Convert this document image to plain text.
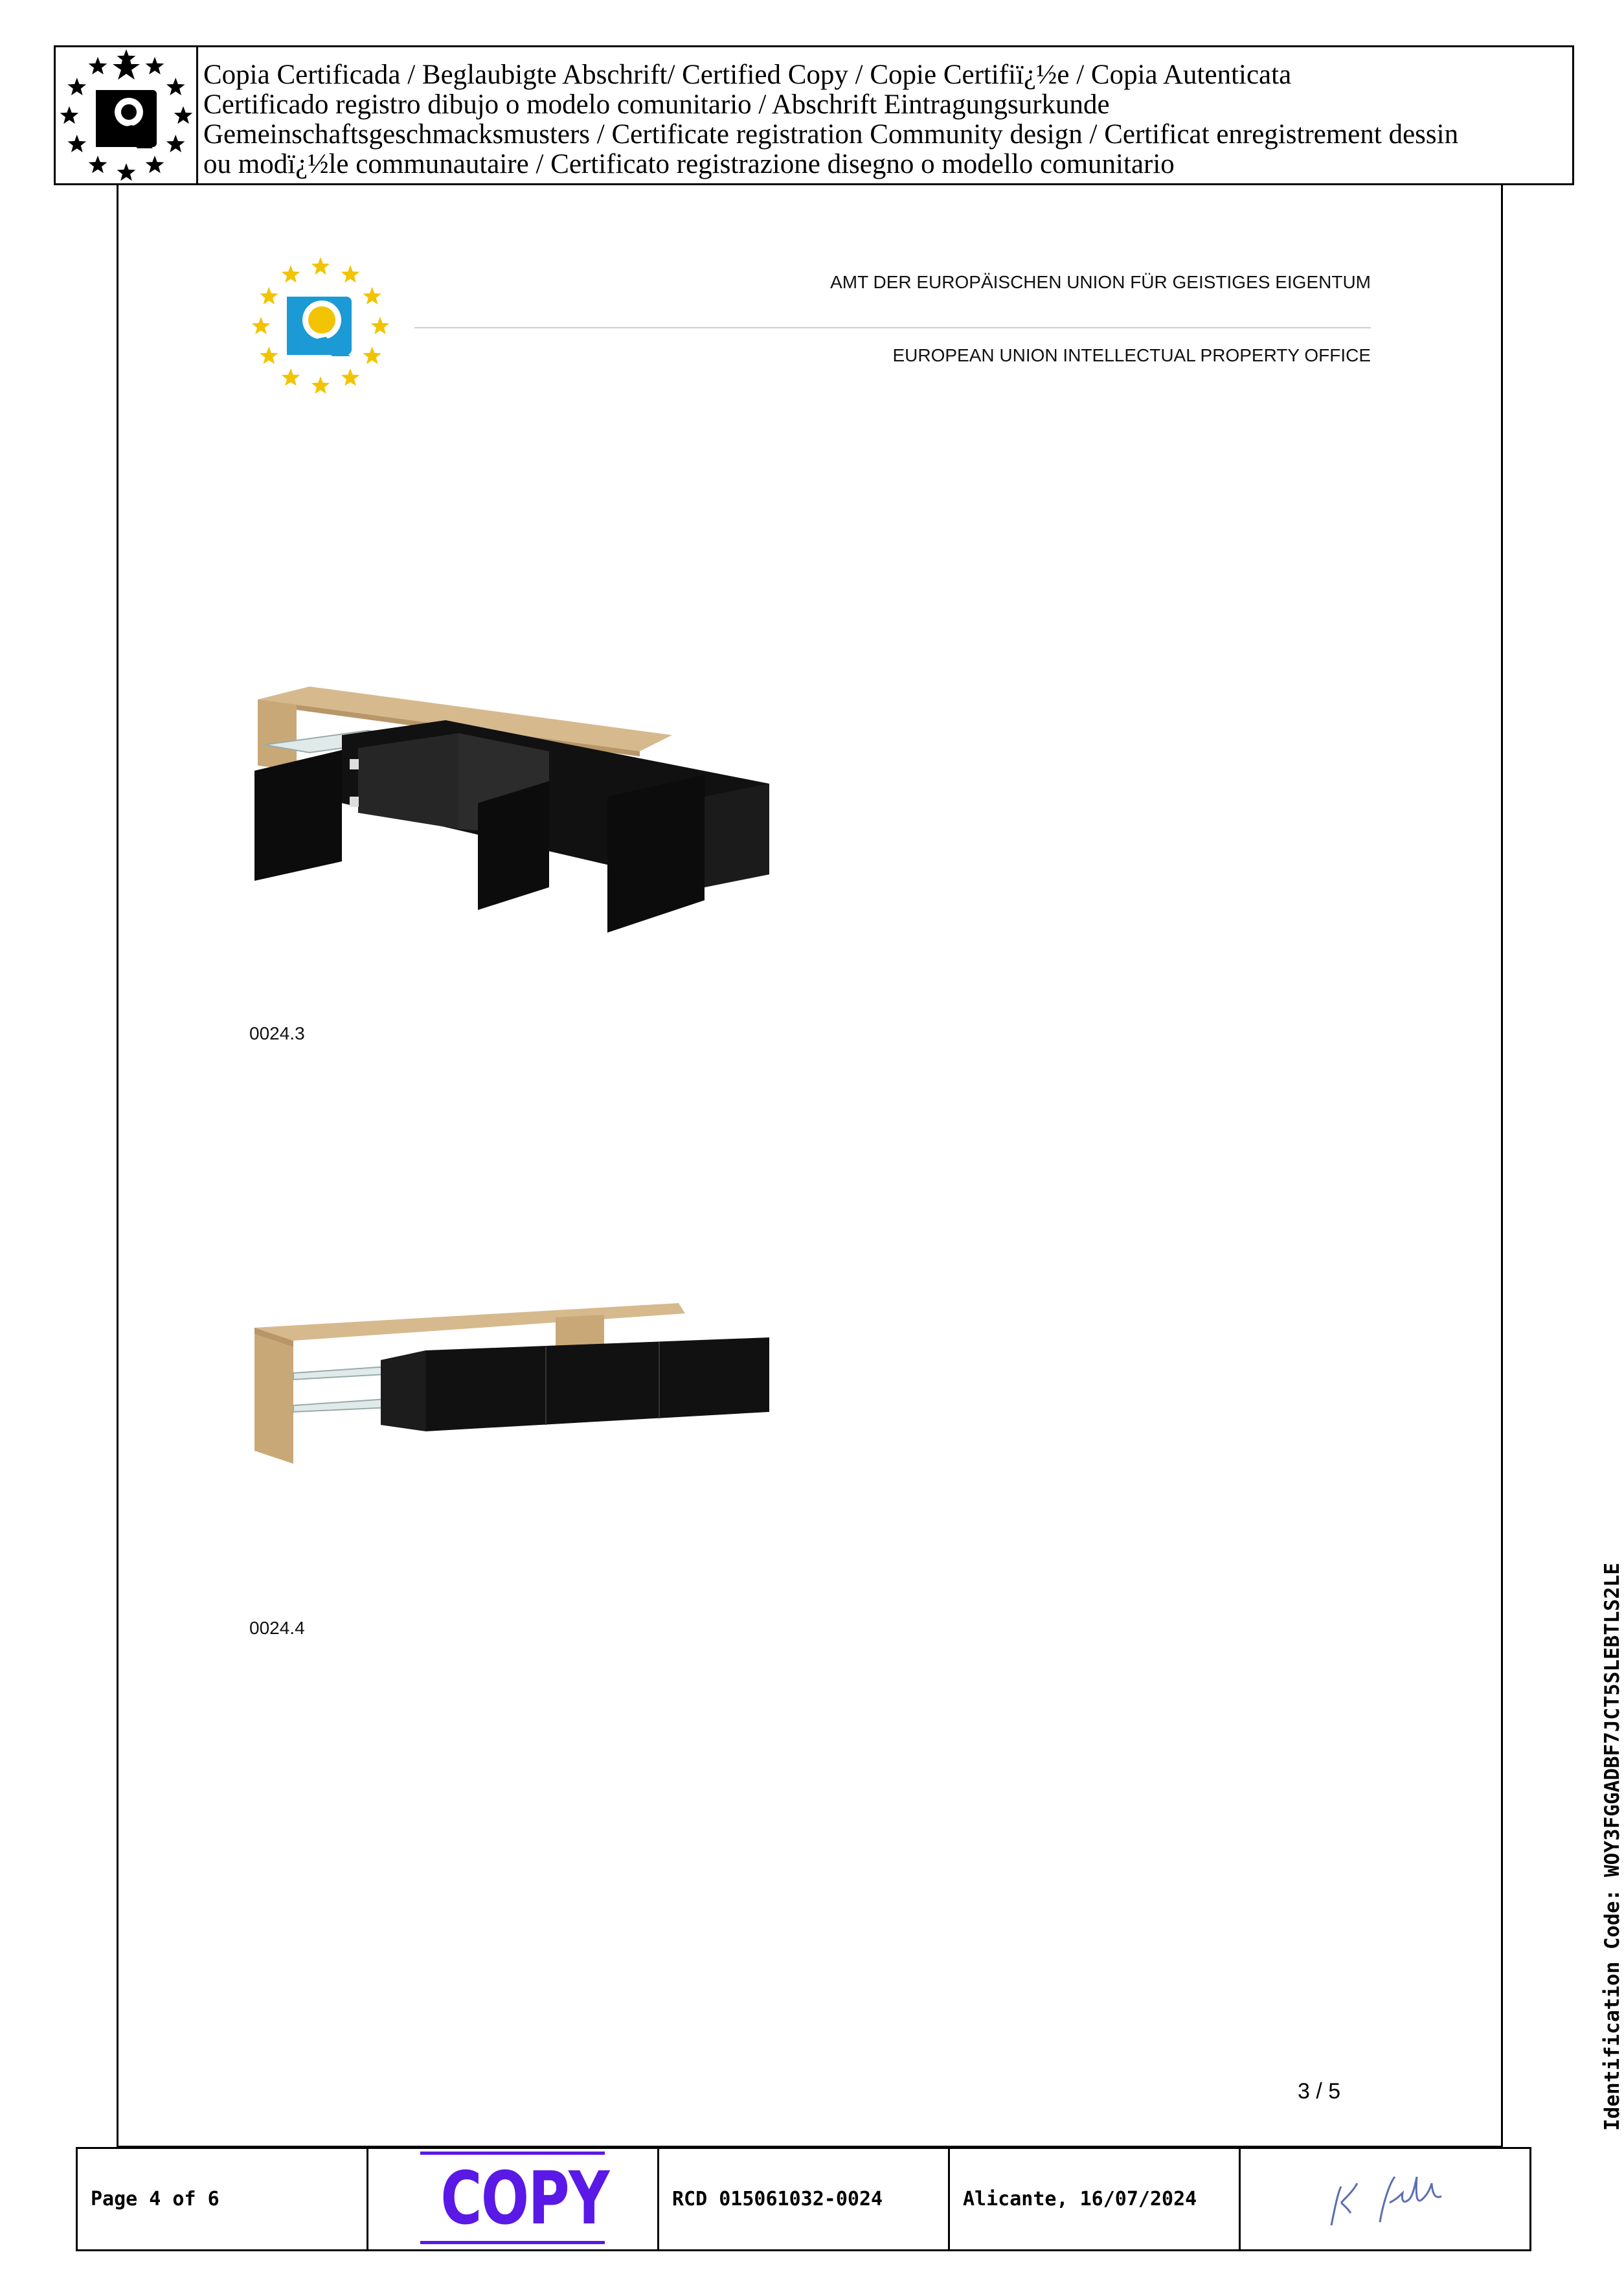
Copia Certificada / Beglaubigte Abschrift/ Certified Copy / Copie Certifiï¿½e / Copia Autenticata
Certificado registro dibujo o modelo comunitario / Abschrift Eintragungsurkunde
Gemeinschaftsgeschmacksmusters / Certificate registration Community design / Certificat enregistrement dessin
ou modï¿½le communautaire / Certificato registrazione disegno o modello comunitario
AMT DER EUROPÄISCHEN UNION FÜR GEISTIGES EIGENTUM
EUROPEAN UNION INTELLECTUAL PROPERTY OFFICE
0024.3
0024.4
3 / 5	Identification Code: WOY3FGGADBF7JCT5SLEBTLS2LE
Page 4 of 6	COPY	RCD 015061032-0024	Alicante, 16/07/2024
